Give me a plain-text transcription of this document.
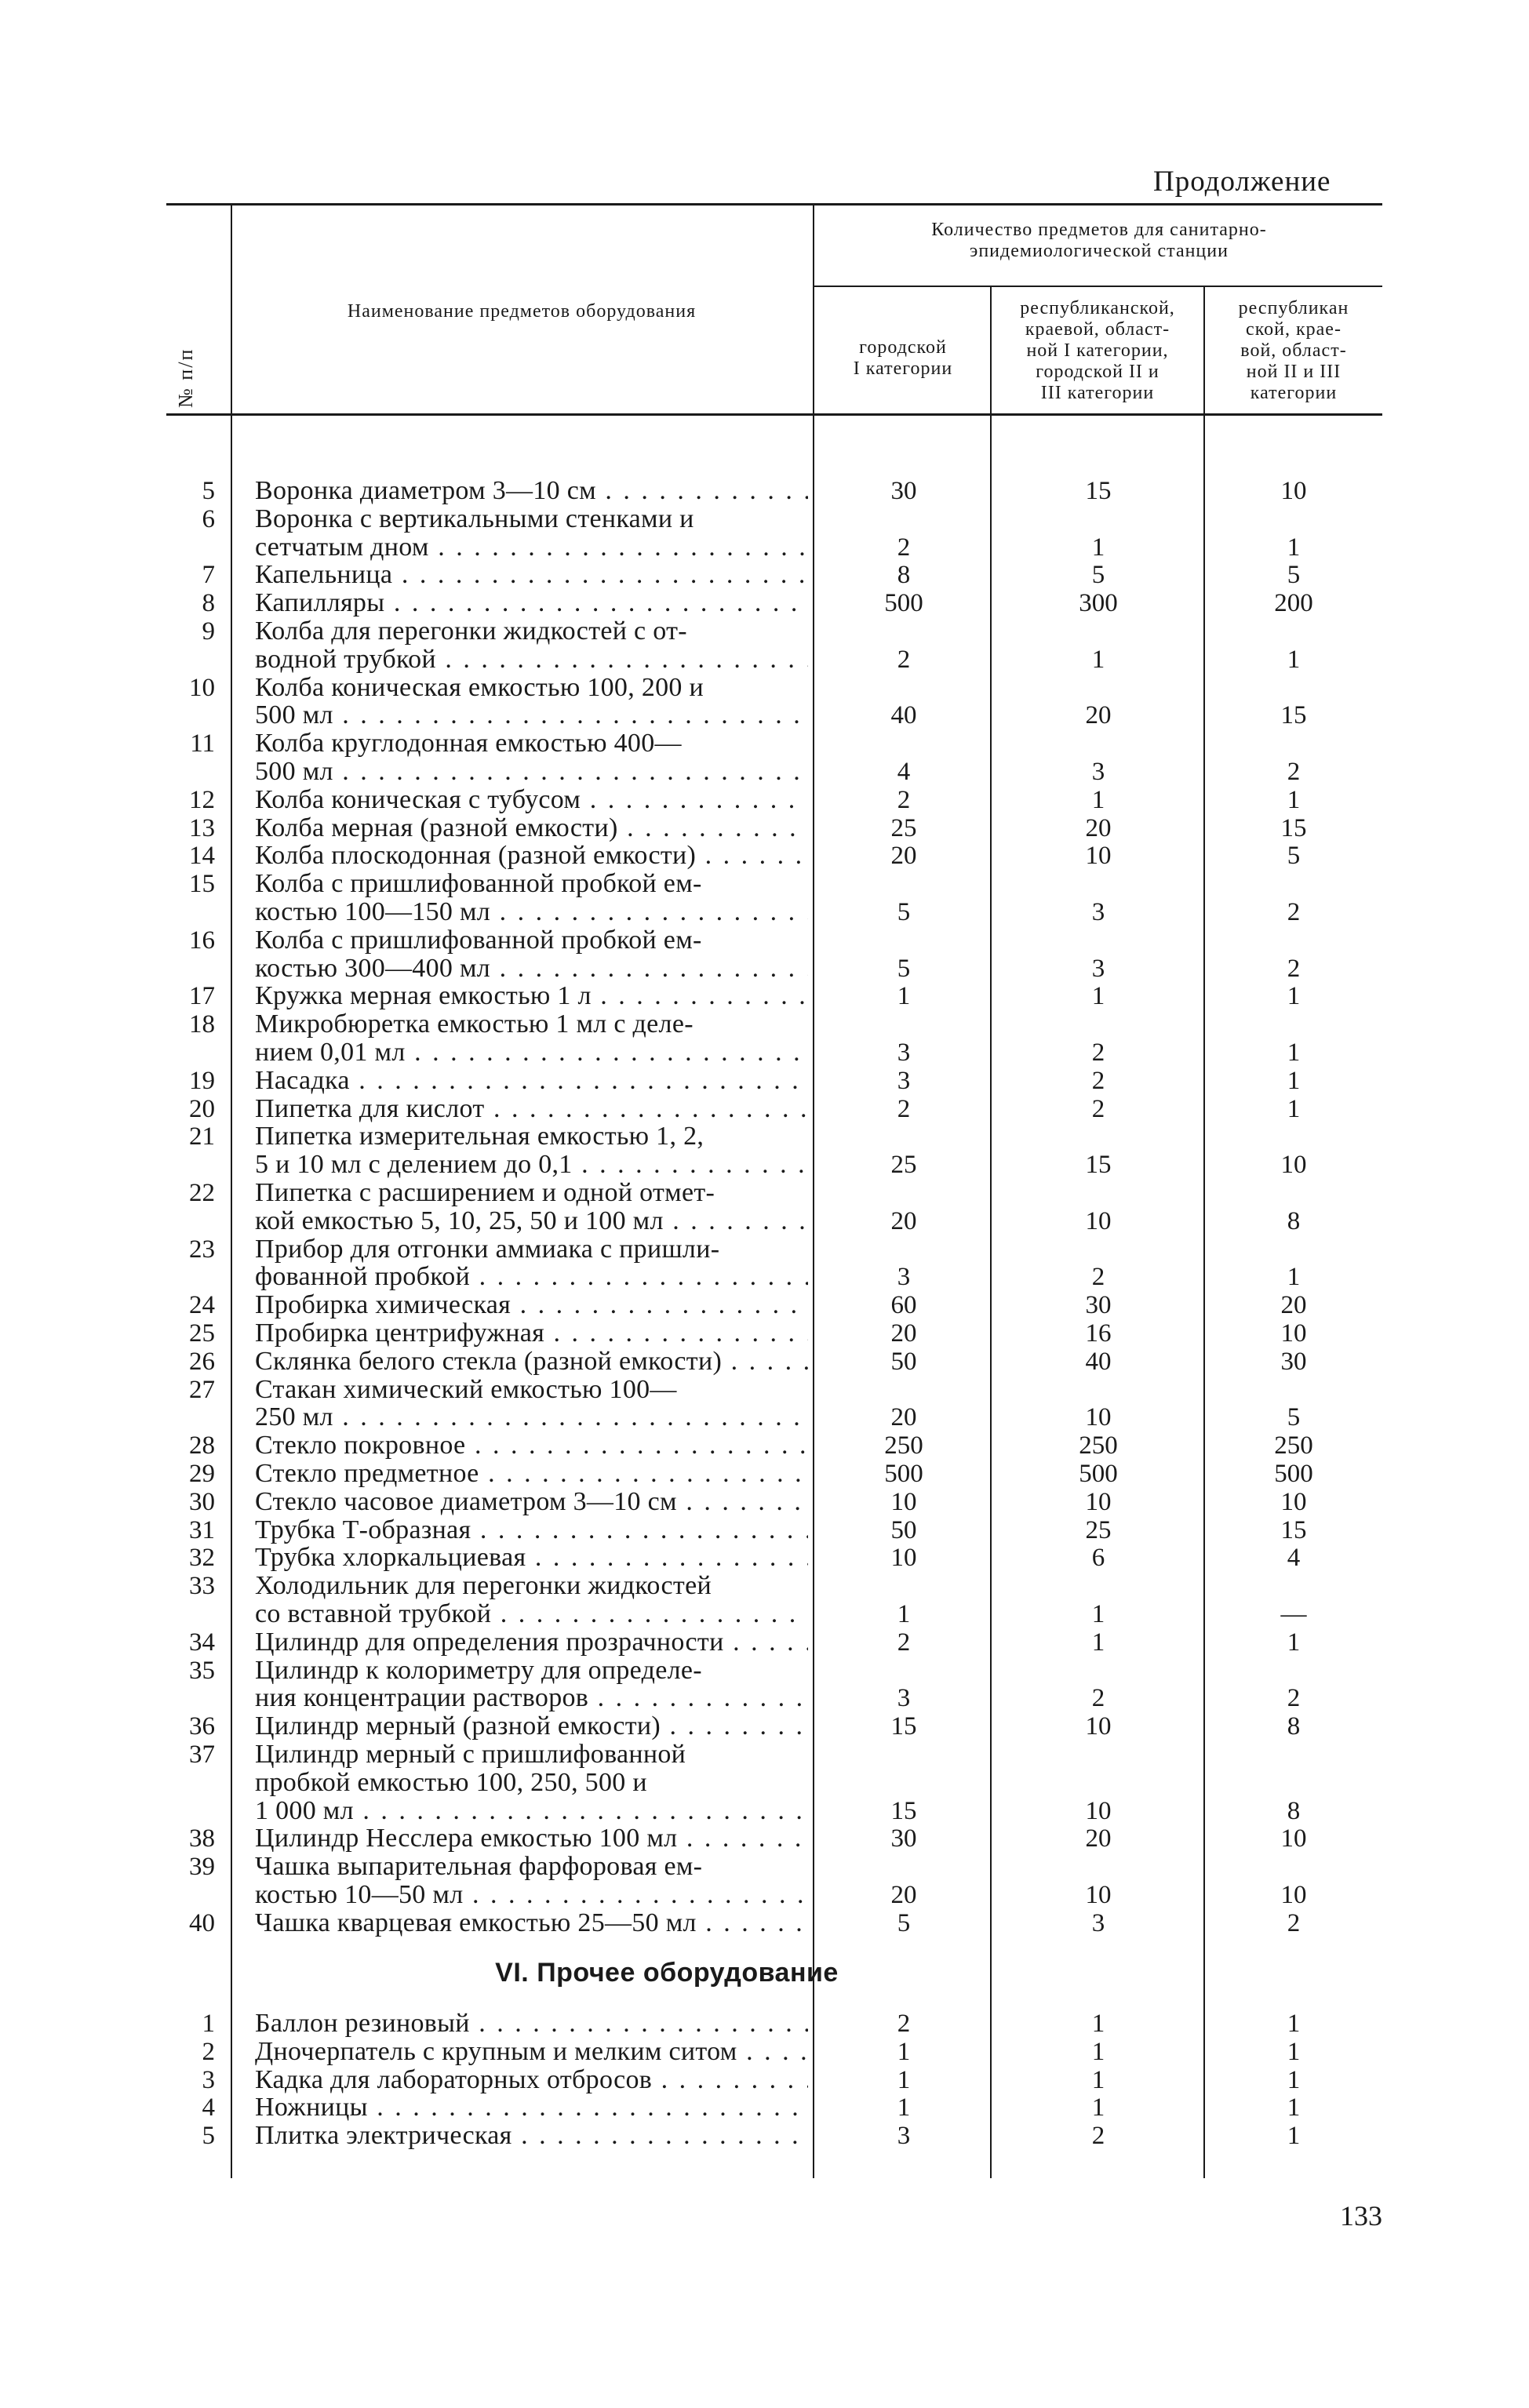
Продолжение
№ п/п
Наименование предметов оборудования
Количество предметов для санитарно-
эпидемиологической станции
городской
I категории
республиканской,
краевой, област-
ной I категории,
городской II и
III категории
республикан
ской, крае-
вой, област-
ной II и III
категории
5 Воронка диаметром 3—10 см . . .	30	15	10
6 Воронка с вертикальными стенками и
сетчатым дном . . .	2	1	1
7 Капельница . . .	8	5	5
8 Капилляры . . .	500	300	200
9 Колба для перегонки жидкостей с от-
водной трубкой . . .	2	1	1
10 Колба коническая емкостью 100, 200 и
500 мл . . .	40	20	15
11 Колба круглодонная емкостью 400—
500 мл . . .	4	3	2
12 Колба коническая с тубусом . . .	2	1	1
13 Колба мерная (разной емкости) . . .	25	20	15
14 Колба плоскодонная (разной емкости) . . .	20	10	5
15 Колба с пришлифованной пробкой ем-
костью 100—150 мл . . .	5	3	2
16 Колба с пришлифованной пробкой ем-
костью 300—400 мл . . .	5	3	2
17 Кружка мерная емкостью 1 л . . .	1	1	1
18 Микробюретка емкостью 1 мл с деле-
нием 0,01 мл . . .	3	2	1
19 Насадка . . .	3	2	1
20 Пипетка для кислот . . .	2	2	1
21 Пипетка измерительная емкостью 1, 2,
5 и 10 мл с делением до 0,1 . . .	25	15	10
22 Пипетка с расширением и одной отмет-
кой емкостью 5, 10, 25, 50 и 100 мл . . .	20	10	8
23 Прибор для отгонки аммиака с пришли-
фованной пробкой . . .	3	2	1
24 Пробирка химическая . . .	60	30	20
25 Пробирка центрифужная . . .	20	16	10
26 Склянка белого стекла (разной емкости) . . .	50	40	30
27 Стакан химический емкостью 100—
250 мл . . .	20	10	5
28 Стекло покровное . . .	250	250	250
29 Стекло предметное . . .	500	500	500
30 Стекло часовое диаметром 3—10 см . . .	10	10	10
31 Трубка Т-образная . . .	50	25	15
32 Трубка хлоркальциевая . . .	10	6	4
33 Холодильник для перегонки жидкостей
со вставной трубкой . . .	1	1	—
34 Цилиндр для определения прозрачности . . .	2	1	1
35 Цилиндр к колориметру для определе-
ния концентрации растворов . . .	3	2	2
36 Цилиндр мерный (разной емкости) . . .	15	10	8
37 Цилиндр мерный с пришлифованной
пробкой емкостью 100, 250, 500 и
1 000 мл . . .	15	10	8
38 Цилиндр Несслера емкостью 100 мл . . .	30	20	10
39 Чашка выпарительная фарфоровая ем-
костью 10—50 мл . . .	20	10	10
40 Чашка кварцевая емкостью 25—50 мл . . .	5	3	2
VI. Прочее оборудование
1 Баллон резиновый . . .	2	1	1
2 Дночерпатель с крупным и мелким ситом . . .	1	1	1
3 Кадка для лабораторных отбросов . . .	1	1	1
4 Ножницы . . .	1	1	1
5 Плитка электрическая . . .	3	2	1
133
